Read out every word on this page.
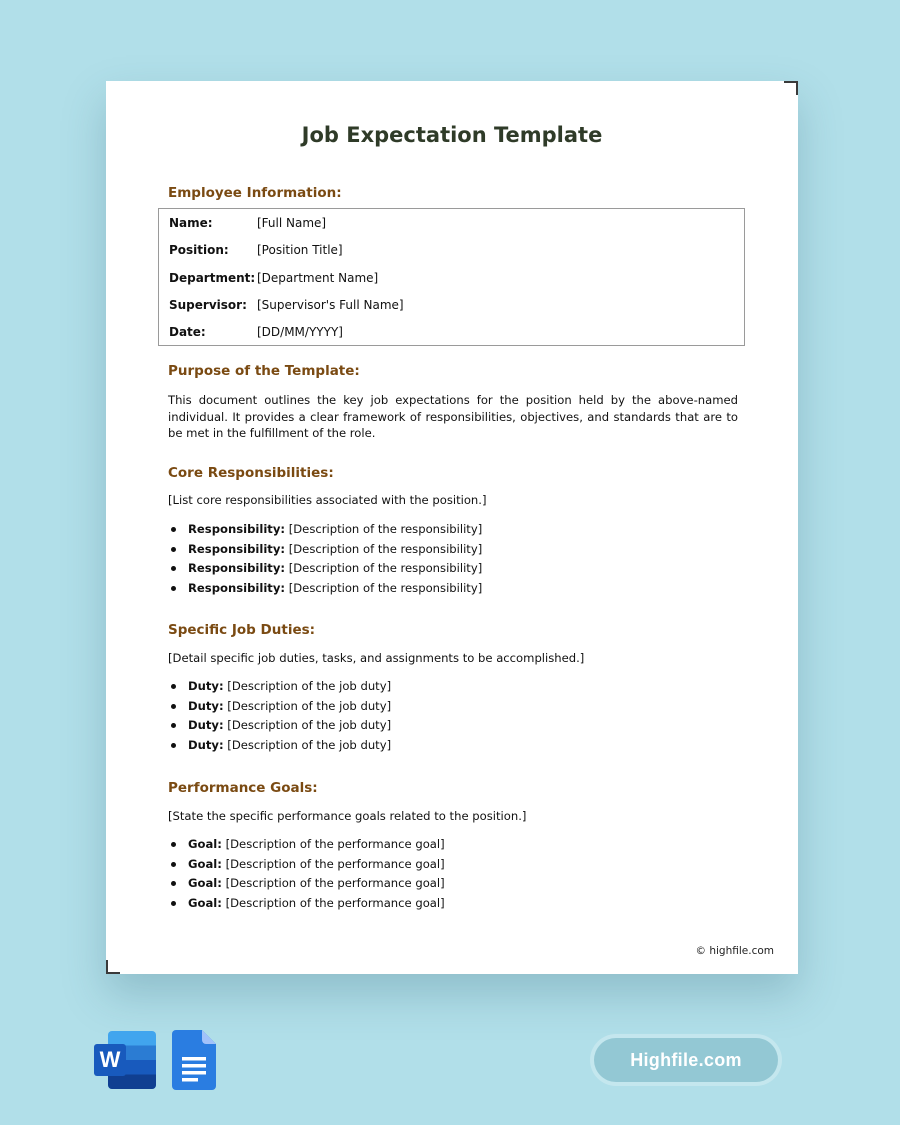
Job Expectation Template
Employee Information:
Name:	[Full Name]
Position: [Position Title]
Department: [Department Name]
Supervisor: [Supervisor's Full Name]
Date:	[DD/MM/YYYY]
Purpose of the Template:
This document outlines the key job expectations for the position held by the above-named individual. It provides a clear framework of responsibilities, objectives, and standards that are to be met in the fulfillment of the role.
Core Responsibilities:
[List core responsibilities associated with the position.]
Responsibility: [Description of the responsibility]
Responsibility: [Description of the responsibility]
Responsibility: [Description of the responsibility]
Responsibility: [Description of the responsibility]
Specific Job Duties:
[Detail specific job duties, tasks, and assignments to be accomplished.]
Duty: [Description of the job duty]
Duty: [Description of the job duty]
Duty: [Description of the job duty]
Duty: [Description of the job duty]
Performance Goals:
[State the specific performance goals related to the position.]
Goal: [Description of the performance goal]
Goal: [Description of the performance goal]
Goal: [Description of the performance goal]
Goal: [Description of the performance goal]
© highfile.com
W	Highfile.com
